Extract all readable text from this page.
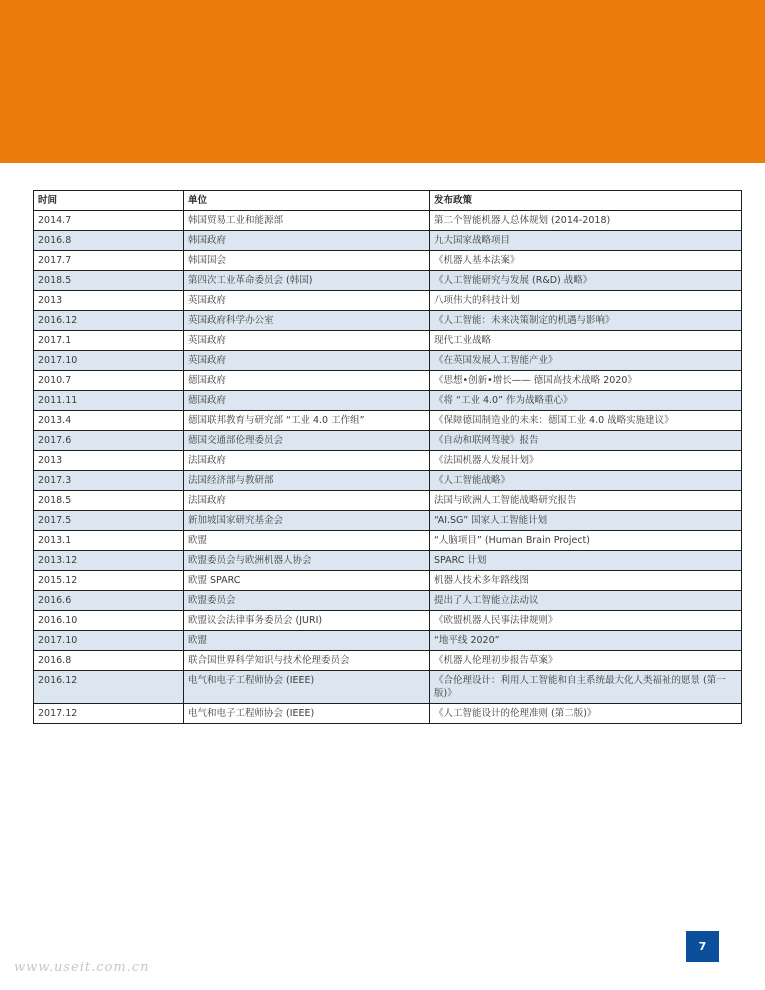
时间	单位	发布政策
2014.7	韩国贸易工业和能源部	第二个智能机器人总体规划 (2014-2018)
2016.8	韩国政府	九大国家战略项目
2017.7	韩国国会	《机器人基本法案》
2018.5	第四次工业革命委员会 (韩国)	《人工智能研究与发展 (R&D) 战略》
2013	英国政府	八项伟大的科技计划
2016.12	英国政府科学办公室	《人工智能：未来决策制定的机遇与影响》
2017.1	英国政府	现代工业战略
2017.10	英国政府	《在英国发展人工智能产业》
2010.7	德国政府	《思想•创新•增长—— 德国高技术战略 2020》
2011.11	德国政府	《将 “工业 4.0” 作为战略重心》
2013.4	德国联邦教育与研究部 “工业 4.0 工作组”	《保障德国制造业的未来：德国工业 4.0 战略实施建议》
2017.6	德国交通部伦理委员会	《自动和联网驾驶》报告
2013	法国政府	《法国机器人发展计划》
2017.3	法国经济部与教研部	《人工智能战略》
2018.5	法国政府	法国与欧洲人工智能战略研究报告
2017.5	新加坡国家研究基金会	“AI.SG” 国家人工智能计划
2013.1	欧盟	“人脑项目” (Human Brain Project)
2013.12	欧盟委员会与欧洲机器人协会	SPARC 计划
2015.12	欧盟 SPARC	机器人技术多年路线图
2016.6	欧盟委员会	提出了人工智能立法动议
2016.10	欧盟议会法律事务委员会 (JURI)	《欧盟机器人民事法律规则》
2017.10	欧盟	“地平线 2020”
2016.8	联合国世界科学知识与技术伦理委员会	《机器人伦理初步报告草案》
2016.12	电气和电子工程师协会 (IEEE)	《合伦理设计：利用人工智能和自主系统最大化人类福祉的愿景 (第一版)》
2017.12	电气和电子工程师协会 (IEEE)	《人工智能设计的伦理准则 (第二版)》
7
www.useit.com.cn
